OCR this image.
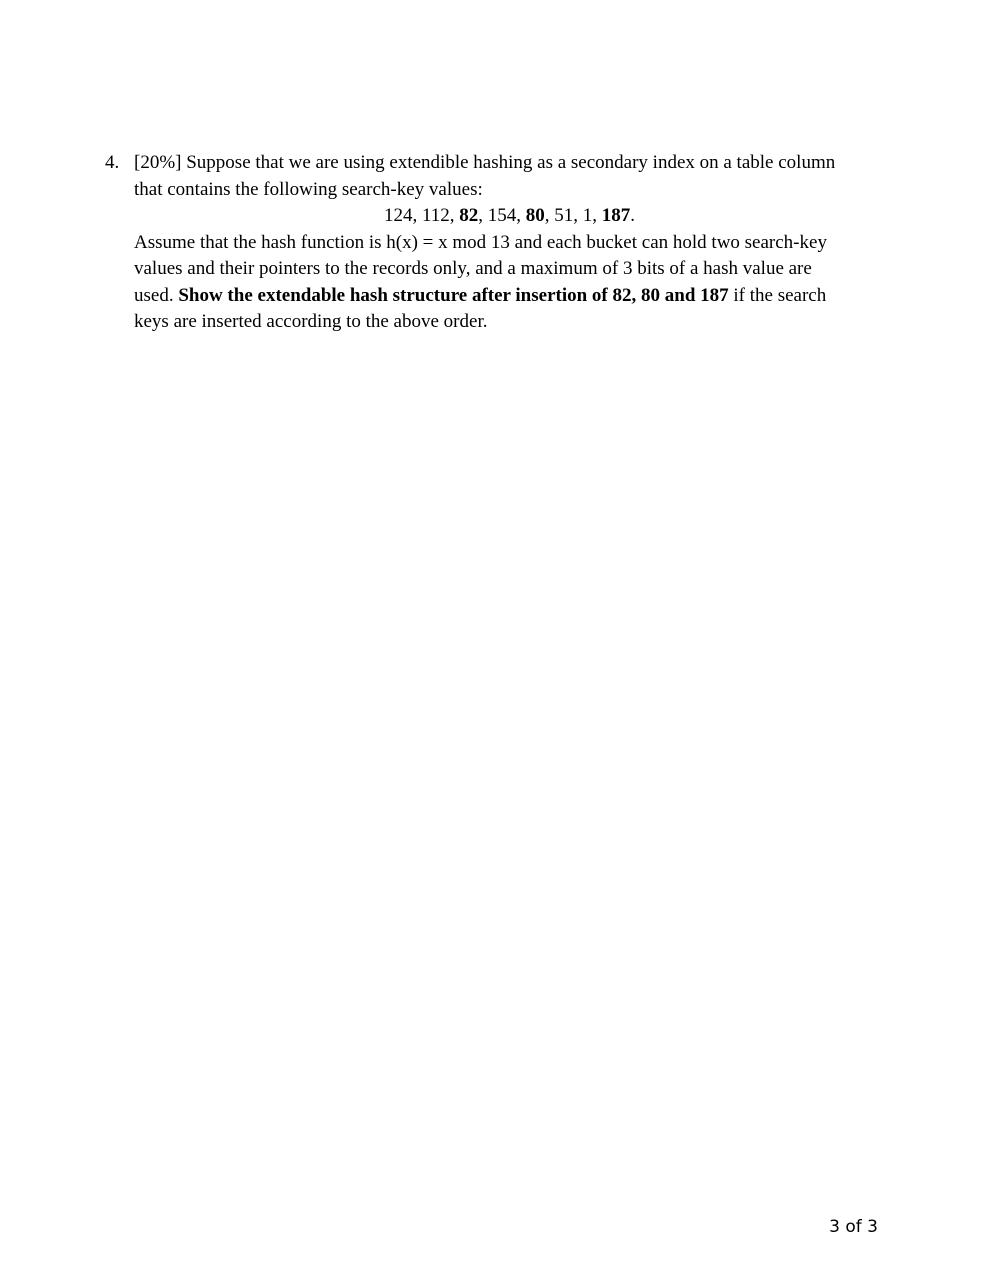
4. [20%] Suppose that we are using extendible hashing as a secondary index on a table column
that contains the following search-key values:

124, 112, 82, 154, 80, 51, 1, 187.

Assume that the hash function is h(x) = x mod 13 and each bucket can hold two search-key
values and their pointers to the records only, and a maximum of 3 bits of a hash value are
used. Show the extendable hash structure after insertion of 82, 80 and 187 if the search
keys are inserted according to the above order.

3 of 3
